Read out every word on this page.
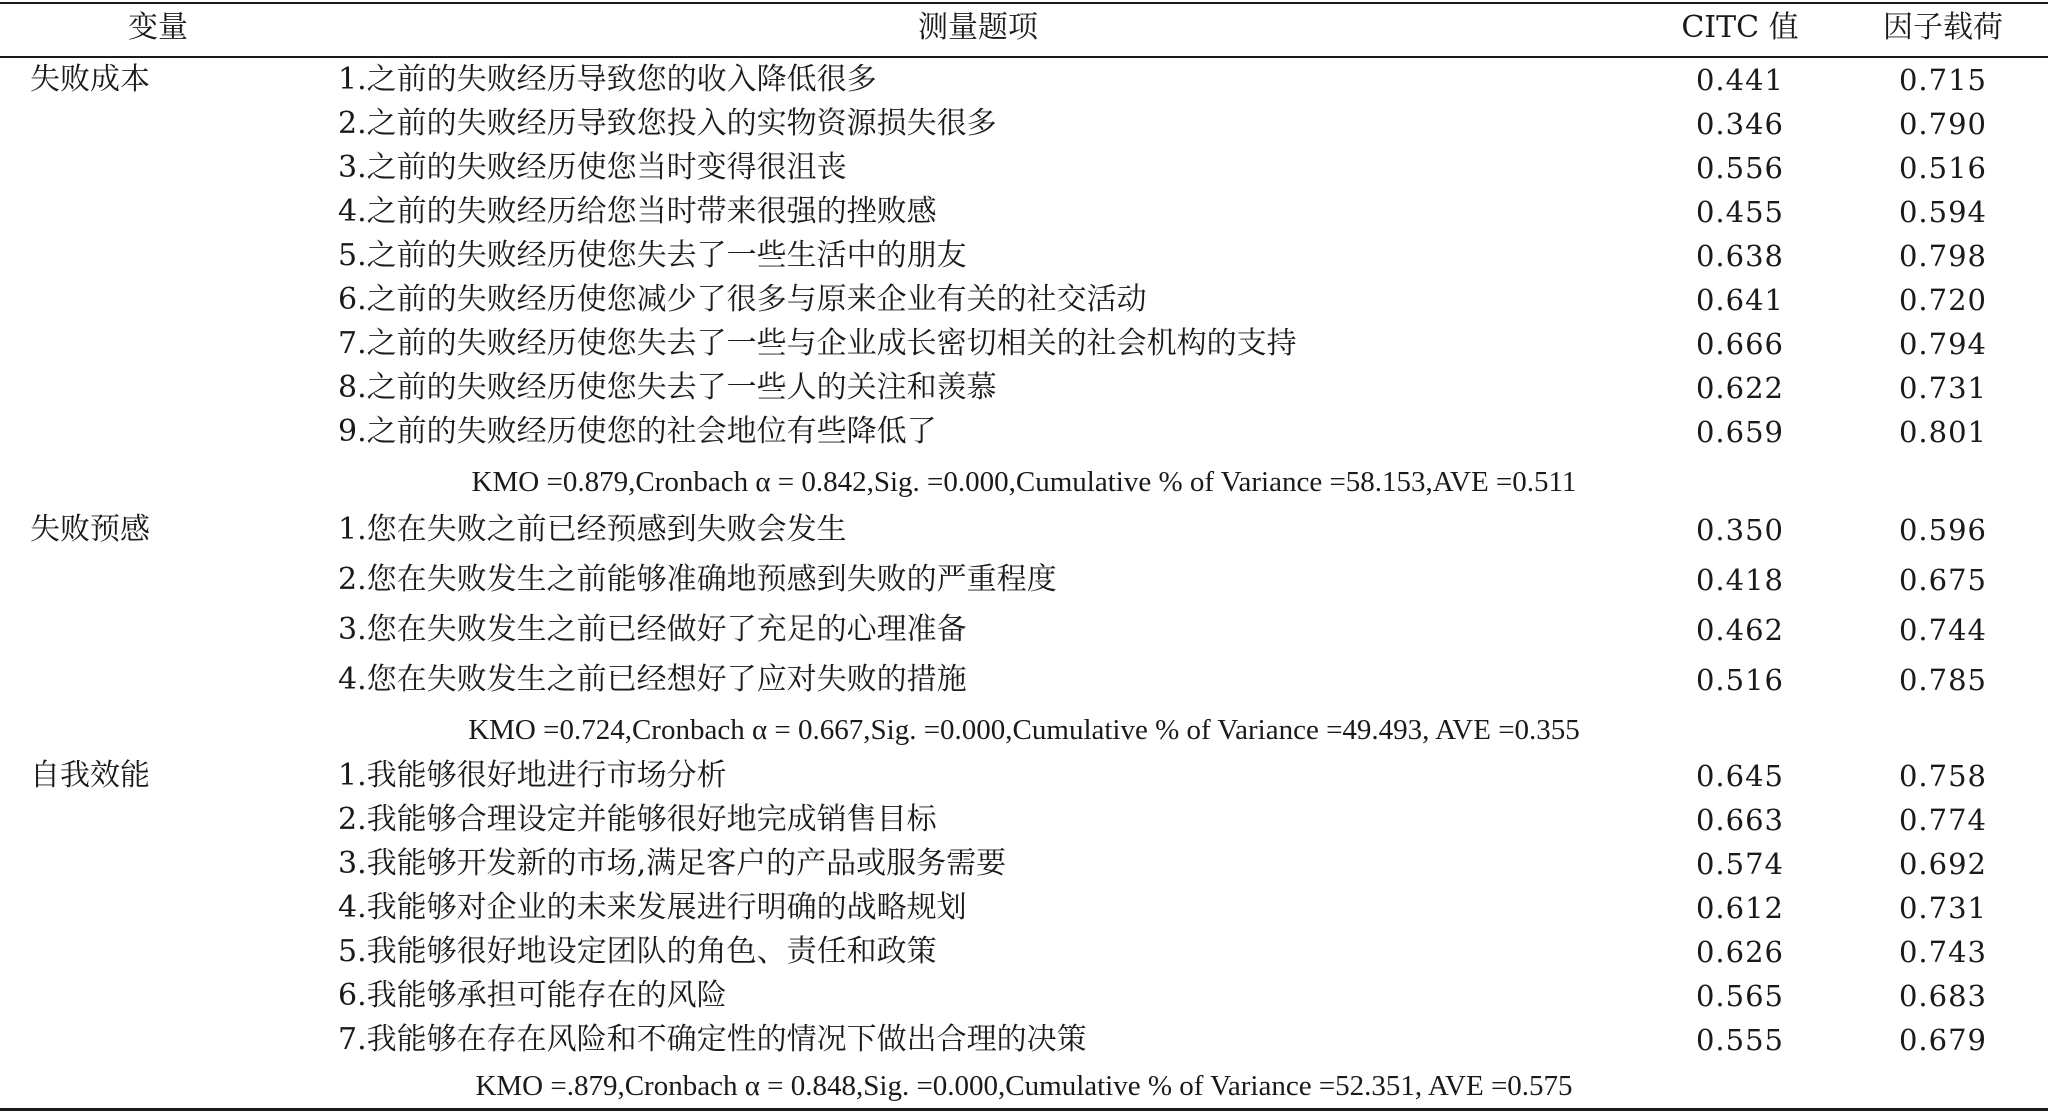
变量	测量题项	CITC 值	因子载荷
失败成本	1.之前的失败经历导致您的收入降低很多	0.441	0.715
2.之前的失败经历导致您投入的实物资源损失很多	0.346	0.790
3.之前的失败经历使您当时变得很沮丧	0.556	0.516
4.之前的失败经历给您当时带来很强的挫败感	0.455	0.594
5.之前的失败经历使您失去了一些生活中的朋友	0.638	0.798
6.之前的失败经历使您减少了很多与原来企业有关的社交活动	0.641	0.720
7.之前的失败经历使您失去了一些与企业成长密切相关的社会机构的支持	0.666	0.794
8.之前的失败经历使您失去了一些人的关注和羡慕	0.622	0.731
9.之前的失败经历使您的社会地位有些降低了	0.659	0.801
KMO =0.879,Cronbach α = 0.842,Sig. =0.000,Cumulative % of Variance =58.153,AVE =0.511
失败预感	1.您在失败之前已经预感到失败会发生	0.350	0.596
2.您在失败发生之前能够准确地预感到失败的严重程度	0.418	0.675
3.您在失败发生之前已经做好了充足的心理准备	0.462	0.744
4.您在失败发生之前已经想好了应对失败的措施	0.516	0.785
KMO =0.724,Cronbach α = 0.667,Sig. =0.000,Cumulative % of Variance =49.493, AVE =0.355
自我效能	1.我能够很好地进行市场分析	0.645	0.758
2.我能够合理设定并能够很好地完成销售目标	0.663	0.774
3.我能够开发新的市场,满足客户的产品或服务需要	0.574	0.692
4.我能够对企业的未来发展进行明确的战略规划	0.612	0.731
5.我能够很好地设定团队的角色、责任和政策	0.626	0.743
6.我能够承担可能存在的风险	0.565	0.683
7.我能够在存在风险和不确定性的情况下做出合理的决策	0.555	0.679
KMO =.879,Cronbach α = 0.848,Sig. =0.000,Cumulative % of Variance =52.351, AVE =0.575
